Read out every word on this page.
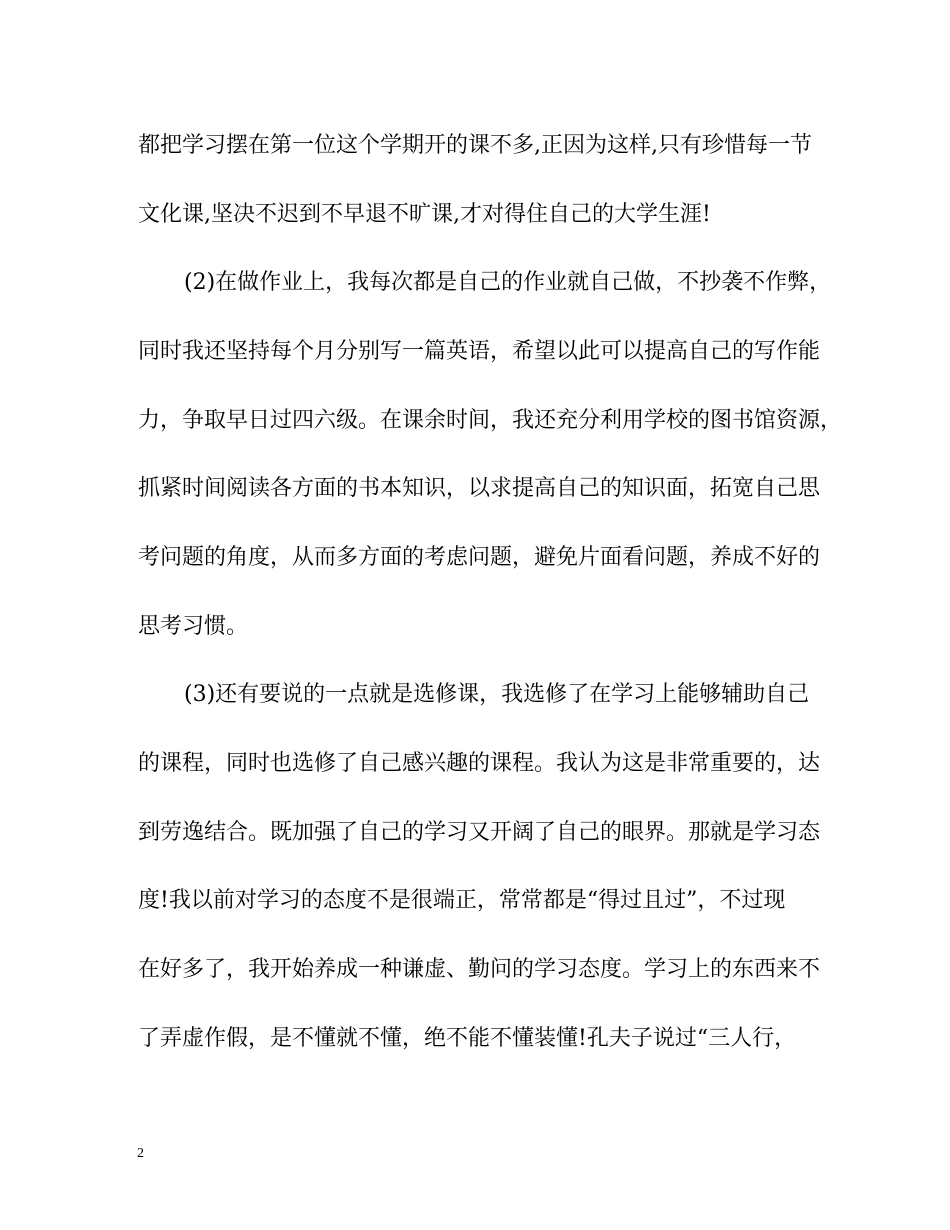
都把学习摆在第一位这个学期开的课不多,正因为这样,只有珍惜每一节
文化课,坚决不迟到不早退不旷课,才对得住自己的大学生涯!
(2)在做作业上，我每次都是自己的作业就自己做，不抄袭不作弊，
同时我还坚持每个月分别写一篇英语，希望以此可以提高自己的写作能
力，争取早日过四六级。在课余时间，我还充分利用学校的图书馆资源，
抓紧时间阅读各方面的书本知识，以求提高自己的知识面，拓宽自己思
考问题的角度，从而多方面的考虑问题，避免片面看问题，养成不好的
思考习惯。
(3)还有要说的一点就是选修课，我选修了在学习上能够辅助自己
的课程，同时也选修了自己感兴趣的课程。我认为这是非常重要的，达
到劳逸结合。既加强了自己的学习又开阔了自己的眼界。那就是学习态
度!我以前对学习的态度不是很端正，常常都是“得过且过”，不过现
在好多了，我开始养成一种谦虚、勤问的学习态度。学习上的东西来不
了弄虚作假，是不懂就不懂，绝不能不懂装懂!孔夫子说过“三人行，
2
